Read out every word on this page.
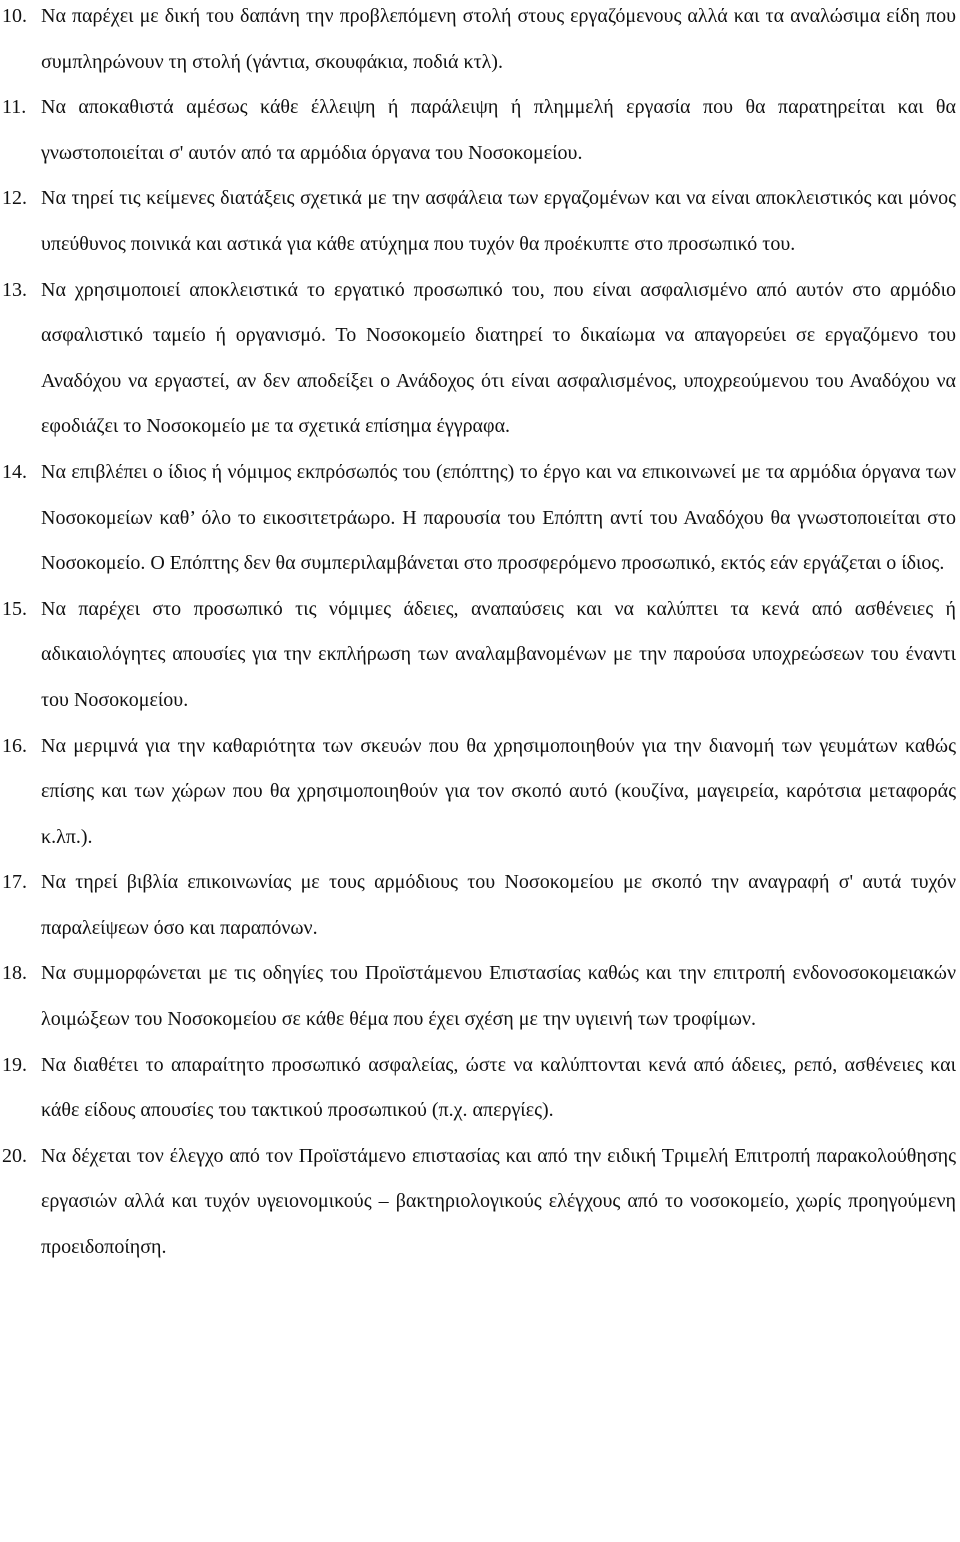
10. Να παρέχει με δική του δαπάνη την προβλεπόμενη στολή στους εργαζόμενους αλλά και τα αναλώσιμα είδη που συμπληρώνουν τη στολή (γάντια, σκουφάκια, ποδιά κτλ).

11. Να αποκαθιστά αμέσως κάθε έλλειψη ή παράλειψη ή πλημμελή εργασία που θα παρατηρείται και θα γνωστοποιείται σ' αυτόν από τα αρμόδια όργανα του Νοσοκομείου.

12. Να τηρεί τις κείμενες διατάξεις σχετικά με την ασφάλεια των εργαζομένων και να είναι αποκλειστικός και μόνος υπεύθυνος ποινικά και αστικά για κάθε ατύχημα που τυχόν θα προέκυπτε στο προσωπικό του.

13. Να χρησιμοποιεί αποκλειστικά το εργατικό προσωπικό του, που είναι ασφαλισμένο από αυτόν στο αρμόδιο ασφαλιστικό ταμείο ή οργανισμό. Το Νοσοκομείο διατηρεί το δικαίωμα να απαγορεύει σε εργαζόμενο του Αναδόχου να εργαστεί, αν δεν αποδείξει ο Ανάδοχος ότι είναι ασφαλισμένος, υποχρεούμενου του Αναδόχου να εφοδιάζει το Νοσοκομείο με τα σχετικά επίσημα έγγραφα.

14. Να επιβλέπει ο ίδιος ή νόμιμος εκπρόσωπός του (επόπτης) το έργο και να επικοινωνεί με τα αρμόδια όργανα των Νοσοκομείων καθ’ όλο το εικοσιτετράωρο. Η παρουσία του Επόπτη αντί του Αναδόχου θα γνωστοποιείται στο Νοσοκομείο. Ο Επόπτης δεν θα συμπεριλαμβάνεται στο προσφερόμενο προσωπικό, εκτός εάν εργάζεται ο ίδιος.

15. Να παρέχει στο προσωπικό τις νόμιμες άδειες, αναπαύσεις και να καλύπτει τα κενά από ασθένειες ή αδικαιολόγητες απουσίες για την εκπλήρωση των αναλαμβανομένων με την παρούσα υποχρεώσεων του έναντι του Νοσοκομείου.

16. Να μεριμνά για την καθαριότητα των σκευών που θα χρησιμοποιηθούν για την διανομή των γευμάτων καθώς επίσης και των χώρων που θα χρησιμοποιηθούν για τον σκοπό αυτό (κουζίνα, μαγειρεία, καρότσια μεταφοράς κ.λπ.).

17. Να τηρεί βιβλία επικοινωνίας με τους αρμόδιους του Νοσοκομείου με σκοπό την αναγραφή σ' αυτά τυχόν παραλείψεων όσο και παραπόνων.

18. Να συμμορφώνεται με τις οδηγίες του Προϊστάμενου Επιστασίας καθώς και την επιτροπή ενδονοσοκομειακών λοιμώξεων του Νοσοκομείου σε κάθε θέμα που έχει σχέση με την υγιεινή των τροφίμων.

19. Να διαθέτει το απαραίτητο προσωπικό ασφαλείας, ώστε να καλύπτονται κενά από άδειες, ρεπό, ασθένειες και κάθε είδους απουσίες του τακτικού προσωπικού (π.χ. απεργίες).

20. Να δέχεται τον έλεγχο από τον Προϊστάμενο επιστασίας και από την ειδική Τριμελή Επιτροπή παρακολούθησης εργασιών αλλά και τυχόν υγειονομικούς – βακτηριολογικούς ελέγχους από το νοσοκομείο, χωρίς προηγούμενη προειδοποίηση.
